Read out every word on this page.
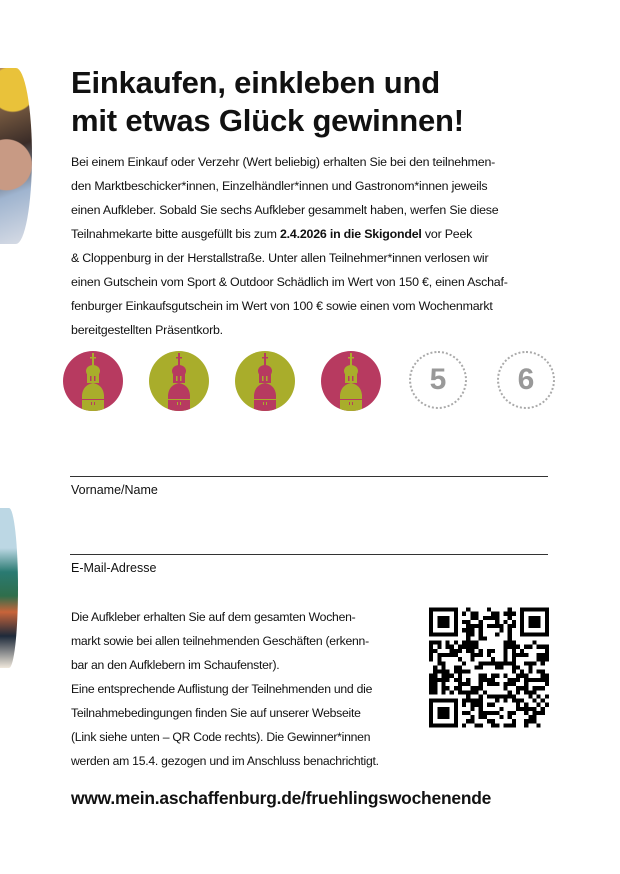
Einkaufen, einkleben und
mit etwas Glück gewinnen!
Bei einem Einkauf oder Verzehr (Wert beliebig) erhalten Sie bei den teilnehmen-
den Marktbeschicker*innen, Einzelhändler*innen und Gastronom*innen jeweils
einen Aufkleber. Sobald Sie sechs Aufkleber gesammelt haben, werfen Sie diese
Teilnahmekarte bitte ausgefüllt bis zum 2.4.2026 in die Skigondel vor Peek
& Cloppenburg in der Herstallstraße. Unter allen Teilnehmer*innen verlosen wir
einen Gutschein vom Sport & Outdoor Schädlich im Wert von 150 €, einen Aschaf-
fenburger Einkaufsgutschein im Wert von 100 € sowie einen vom Wochenmarkt
bereitgestellten Präsentkorb.
5	6
Vorname/Name
E-Mail-Adresse
Die Aufkleber erhalten Sie auf dem gesamten Wochen-
markt sowie bei allen teilnehmenden Geschäften (erkenn-
bar an den Aufklebern im Schaufenster).
Eine entsprechende Auflistung der Teilnehmenden und die
Teilnahmebedingungen finden Sie auf unserer Webseite
(Link siehe unten – QR Code rechts). Die Gewinner*innen
werden am 15.4. gezogen und im Anschluss benachrichtigt.
www.mein.aschaffenburg.de/fruehlingswochenende
